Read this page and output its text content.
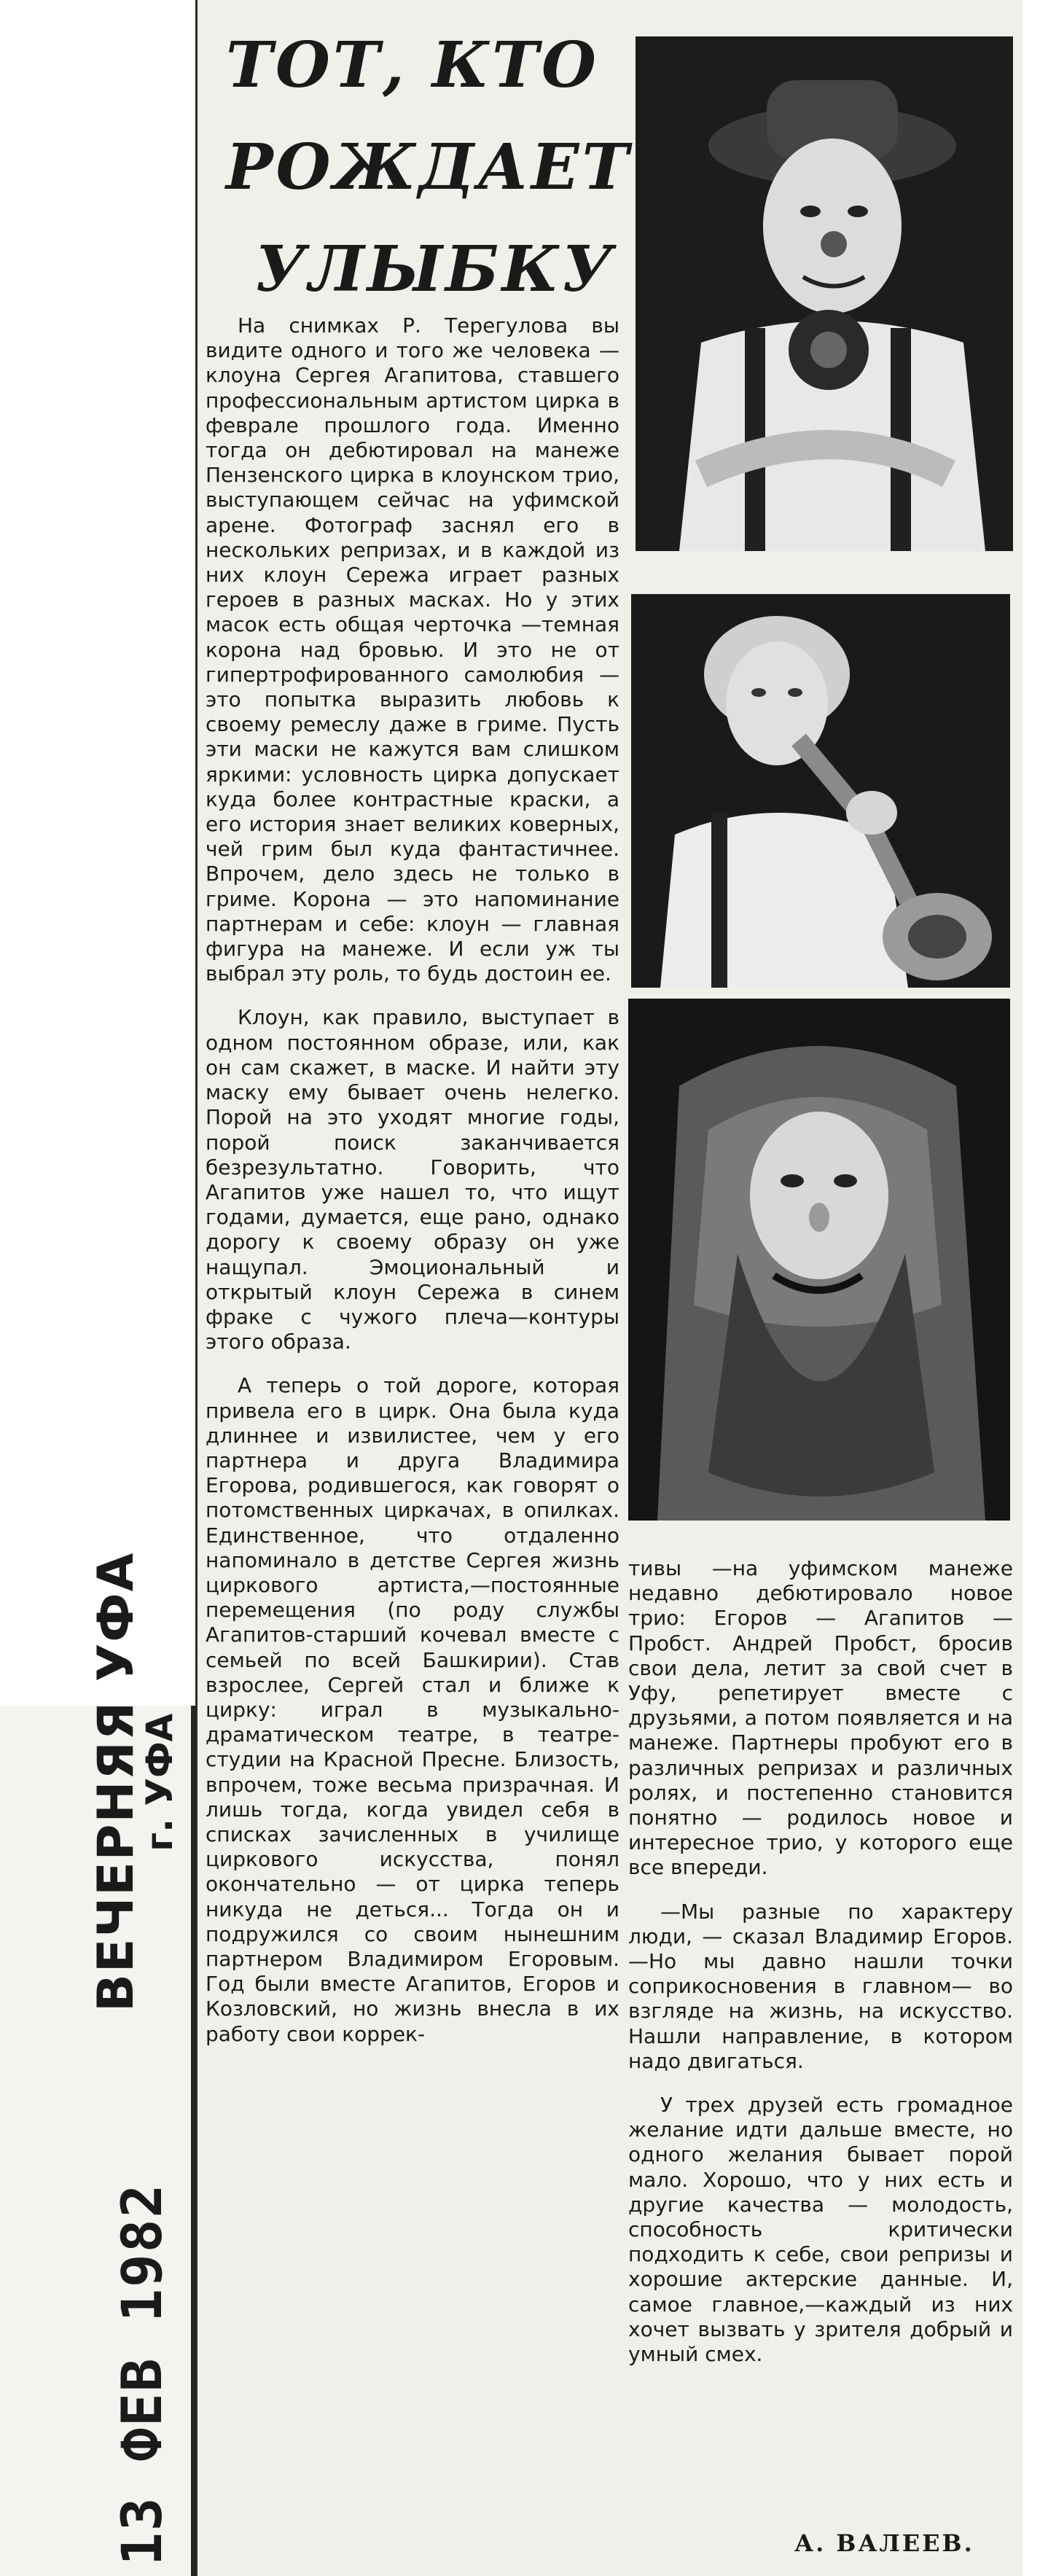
ВЕЧЕРНЯЯ УФА
г. УФА
13 ФЕВ 1982
ТОТ, КТО
РОЖДАЕТ
УЛЫБКУ

На снимках Р. Терегулова вы видите одного и того же человека — клоуна Сергея Агапитова, ставшего профессиональным артистом цирка в феврале прошлого года. Именно тогда он дебютировал на манеже Пензенского цирка в клоунском трио, выступающем сейчас на уфимской арене. Фотограф заснял его в нескольких репризах, и в каждой из них клоун Сережа играет разных героев в разных масках. Но у этих масок есть общая черточка —темная корона над бровью. И это не от гипертрофированного самолюбия — это попытка выразить любовь к своему ремеслу даже в гриме. Пусть эти маски не кажутся вам слишком яркими: условность цирка допускает куда более контрастные краски, а его история знает великих коверных, чей грим был куда фантастичнее. Впрочем, дело здесь не только в гриме. Корона — это напоминание партнерам и себе: клоун — главная фигура на манеже. И если уж ты выбрал эту роль, то будь достоин ее.

Клоун, как правило, выступает в одном постоянном образе, или, как он сам скажет, в маске. И найти эту маску ему бывает очень нелегко. Порой на это уходят многие годы, порой поиск заканчивается безрезультатно. Говорить, что Агапитов уже нашел то, что ищут годами, думается, еще рано, однако дорогу к своему образу он уже нащупал. Эмоциональный и открытый клоун Сережа в синем фраке с чужого плеча—контуры этого образа.

А теперь о той дороге, которая привела его в цирк. Она была куда длиннее и извилистее, чем у его партнера и друга Владимира Егорова, родившегося, как говорят о потомственных циркачах, в опилках. Единственное, что отдаленно напоминало в детстве Сергея жизнь циркового артиста,—постоянные перемещения (по роду службы Агапитов-старший кочевал вместе с семьей по всей Башкирии). Став взрослее, Сергей стал и ближе к цирку: играл в музыкально-драматическом театре, в театре-студии на Красной Пресне. Близость, впрочем, тоже весьма призрачная. И лишь тогда, когда увидел себя в списках зачисленных в училище циркового искусства, понял окончательно — от цирка теперь никуда не деться... Тогда он и подружился со своим нынешним партнером Владимиром Егоровым. Год были вместе Агапитов, Егоров и Козловский, но жизнь внесла в их работу свои коррек-

тивы —на уфимском манеже недавно дебютировало новое трио: Егоров — Агапитов — Пробст. Андрей Пробст, бросив свои дела, летит за свой счет в Уфу, репетирует вместе с друзьями, а потом появляется и на манеже. Партнеры пробуют его в различных репризах и различных ролях, и постепенно становится понятно — родилось новое и интересное трио, у которого еще все впереди.

—Мы разные по характеру люди, — сказал Владимир Егоров. —Но мы давно нашли точки соприкосновения в главном— во взгляде на жизнь, на искусство. Нашли направление, в котором надо двигаться.

У трех друзей есть громадное желание идти дальше вместе, но одного желания бывает порой мало. Хорошо, что у них есть и другие качества — молодость, способность критически подходить к себе, свои репризы и хорошие актерские данные. И, самое главное,—каждый из них хочет вызвать у зрителя добрый и умный смех.

А. ВАЛЕЕВ.
